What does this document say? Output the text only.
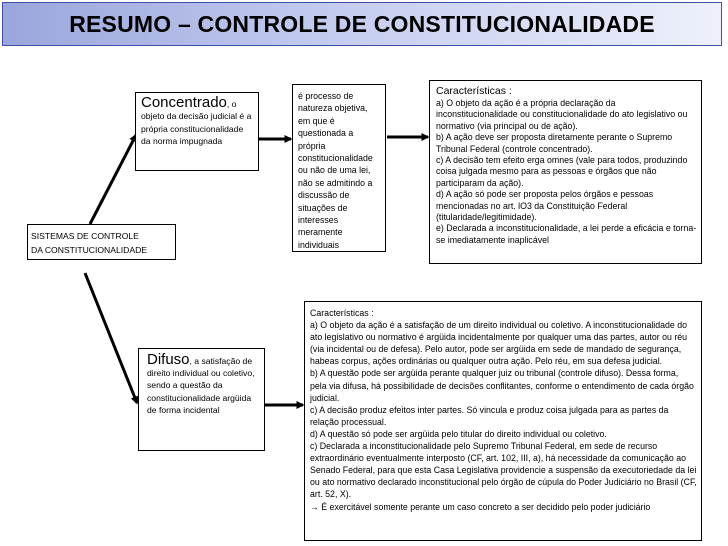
RESUMO – CONTROLE DE CONSTITUCIONALIDADE

SISTEMAS DE CONTROLE

DA CONSTITUCIONALIDADE

Concentrado, o objeto da decisão judicial é a própria constitucionalidade da norma impugnada

é processo de natureza objetiva, em que é questionada a própria constitucionalidade ou não de uma lei, não se admitindo a discussão de situações de interesses meramente individuais

Características :

a) O objeto da ação é a própria declaração da inconstitucionalidade ou constitucionalidade do ato legislativo ou normativo (via principal ou de ação).

b) A ação deve ser proposta diretamente perante o Supremo Tribunal Federal (controle concentrado).

c) A decisão tem efeito erga omnes (vale para todos, produzindo coisa julgada mesmo para as pessoas e órgãos que não participaram da ação).

d) A ação só pode ser proposta pelos órgãos e pessoas mencionadas no art. lO3 da Constituição Federal (titularidade/legitimidade).

e) Declarada a inconstitucionalidade, a lei perde a eficácia e torna-se imediatamente inaplicável

Difuso, a satisfação de direito individual ou coletivo, sendo a questão da constitucionalidade argüida de forma incidental

Características :

a) O objeto da ação é a satisfação de um direito individual ou coletivo. A inconstitucionalidade do ato legislativo ou normativo é argüida incidentalmente por qualquer uma das partes, autor ou réu (via incidental ou de defesa). Pelo autor, pode ser argüida em sede de mandado de segurança, habeas corpus, ações ordinárias ou qualquer outra ação. Pelo réu, em sua defesa judicial.

b) A questão pode ser argüida perante qualquer juiz ou tribunal (controle difuso). Dessa forma, pela via difusa, há possibilidade de decisões conflitantes, conforme o entendimento de cada órgão judicial.

c) A decisão produz efeitos inter partes. Só vincula e produz coisa julgada para as partes da relação processual.

d) A questão só pode ser argüida pelo titular do direito individual ou coletivo.

c) Declarada a inconstitucionalidade pelo Supremo Tribunal Federal, em sede de recurso extraordinário eventualmente interposto (CF, art. 102, III, a), há necessidade da comunicação ao Senado Federal, para que esta Casa Legislativa providencie a suspensão da executoriedade da lei ou ato normativo declarado inconstitucional pelo órgão de cúpula do Poder Judiciário no Brasil (CF, art. 52, X).

→ É exercitável somente perante um caso concreto a ser decidido pelo poder judiciário
